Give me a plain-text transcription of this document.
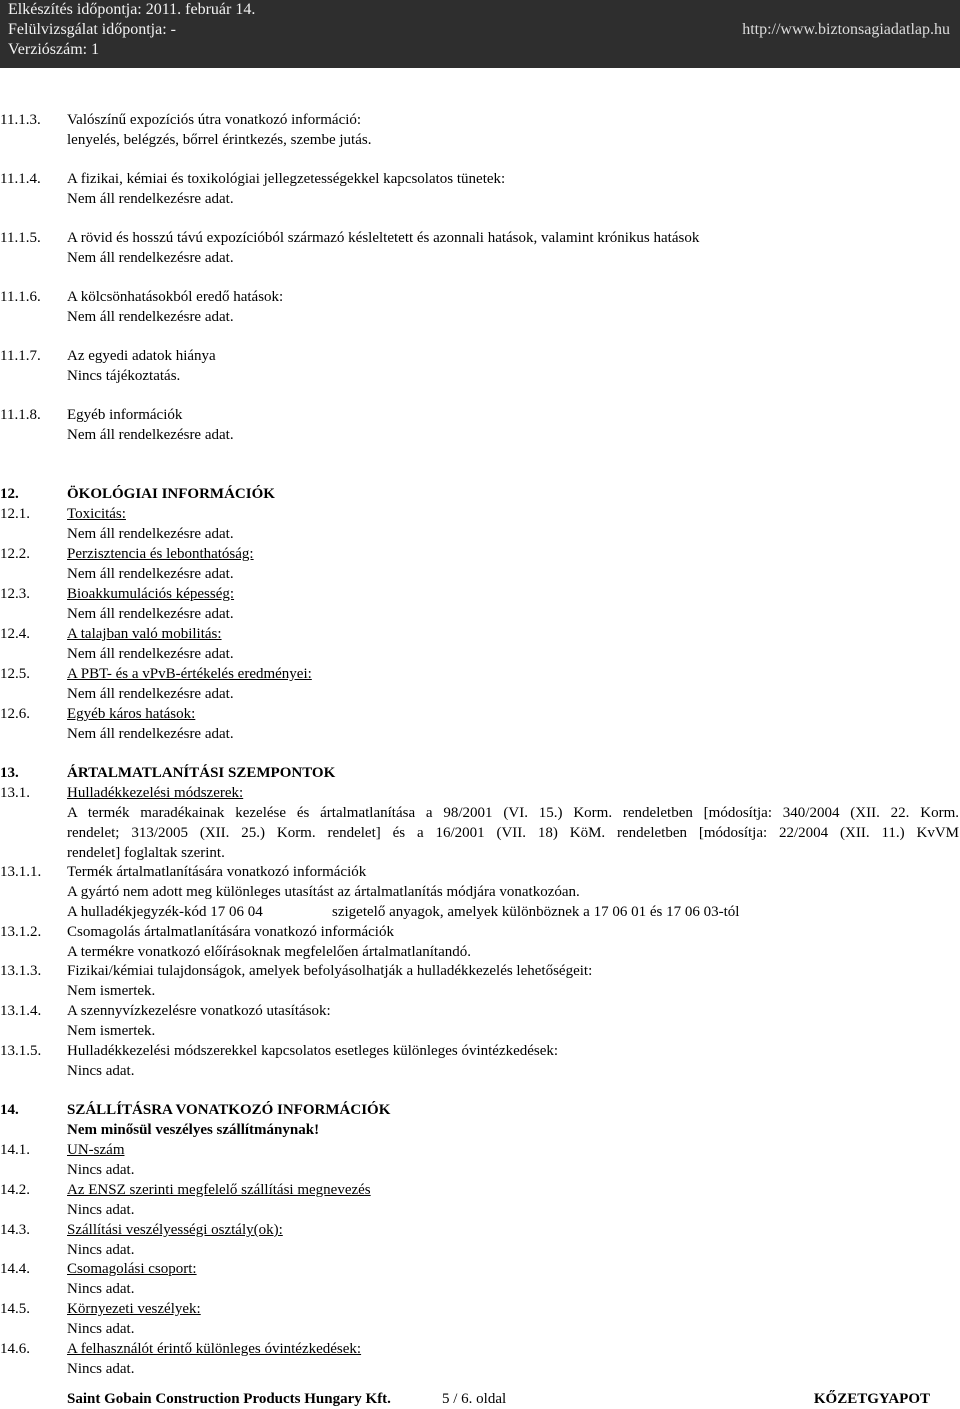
Elkészítés időpontja: 2011. február 14.
Felülvizsgálat időpontja: -
Verziószám: 1
http://www.biztonsagiadatlap.hu
11.1.3.	Valószínű expozíciós útra vonatkozó információ:
lenyelés, belégzés, bőrrel érintkezés, szembe jutás.
11.1.4.	A fizikai, kémiai és toxikológiai jellegzetességekkel kapcsolatos tünetek:
Nem áll rendelkezésre adat.
11.1.5.	A rövid és hosszú távú expozícióból származó késleltetett és azonnali hatások, valamint krónikus hatások
Nem áll rendelkezésre adat.
11.1.6.	A kölcsönhatásokból eredő hatások:
Nem áll rendelkezésre adat.
11.1.7.	Az egyedi adatok hiánya
Nincs tájékoztatás.
11.1.8.	Egyéb információk
Nem áll rendelkezésre adat.
12.	ÖKOLÓGIAI INFORMÁCIÓK
12.1.	Toxicitás:
Nem áll rendelkezésre adat.
12.2.	Perzisztencia és lebonthatóság:
Nem áll rendelkezésre adat.
12.3.	Bioakkumulációs képesség:
Nem áll rendelkezésre adat.
12.4.	A talajban való mobilitás:
Nem áll rendelkezésre adat.
12.5.	A PBT- és a vPvB-értékelés eredményei:
Nem áll rendelkezésre adat.
12.6.	Egyéb káros hatások:
Nem áll rendelkezésre adat.
13.	ÁRTALMATLANÍTÁSI SZEMPONTOK
13.1.	Hulladékkezelési módszerek:
A termék maradékainak kezelése és ártalmatlanítása a 98/2001 (VI. 15.) Korm. rendeletben [módosítja: 340/2004 (XII. 22. Korm.
rendelet; 313/2005 (XII. 25.) Korm. rendelet] és a 16/2001 (VII. 18) KöM. rendeletben [módosítja: 22/2004 (XII. 11.) KvVM
rendelet] foglaltak szerint.
13.1.1.	Termék ártalmatlanítására vonatkozó információk
A gyártó nem adott meg különleges utasítást az ártalmatlanítás módjára vonatkozóan.
A hulladékjegyzék-kód 17 06 04	szigetelő anyagok, amelyek különböznek a 17 06 01 és 17 06 03-tól
13.1.2.	Csomagolás ártalmatlanítására vonatkozó információk
A termékre vonatkozó előírásoknak megfelelően ártalmatlanítandó.
13.1.3.	Fizikai/kémiai tulajdonságok, amelyek befolyásolhatják a hulladékkezelés lehetőségeit:
Nem ismertek.
13.1.4.	A szennyvízkezelésre vonatkozó utasítások:
Nem ismertek.
13.1.5.	Hulladékkezelési módszerekkel kapcsolatos esetleges különleges óvintézkedések:
Nincs adat.
14.	SZÁLLÍTÁSRA VONATKOZÓ INFORMÁCIÓK
Nem minősül veszélyes szállítmánynak!
14.1.	UN-szám
Nincs adat.
14.2.	Az ENSZ szerinti megfelelő szállítási megnevezés
Nincs adat.
14.3.	Szállítási veszélyességi osztály(ok):
Nincs adat.
14.4.	Csomagolási csoport:
Nincs adat.
14.5.	Környezeti veszélyek:
Nincs adat.
14.6.	A felhasználót érintő különleges óvintézkedések:
Nincs adat.
Saint Gobain Construction Products Hungary Kft.	5 / 6. oldal	KŐZETGYAPOT
